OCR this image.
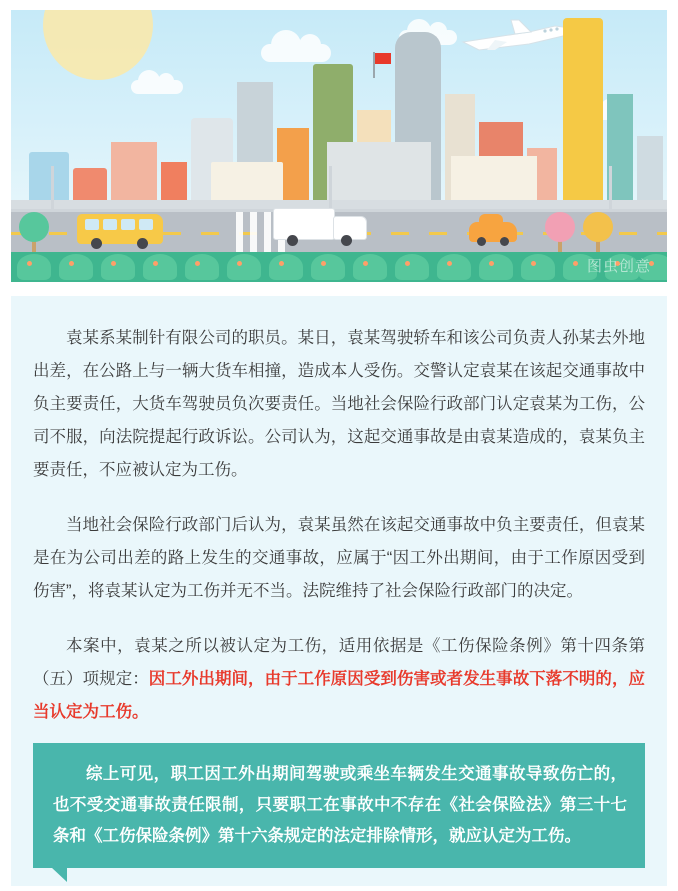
图虫创意

袁某系某制针有限公司的职员。某日，袁某驾驶轿车和该公司负责人孙某去外地出差，在公路上与一辆大货车相撞，造成本人受伤。交警认定袁某在该起交通事故中负主要责任，大货车驾驶员负次要责任。当地社会保险行政部门认定袁某为工伤，公司不服，向法院提起行政诉讼。公司认为，这起交通事故是由袁某造成的，袁某负主要责任，不应被认定为工伤。

当地社会保险行政部门后认为，袁某虽然在该起交通事故中负主要责任，但袁某是在为公司出差的路上发生的交通事故，应属于“因工外出期间，由于工作原因受到伤害”，将袁某认定为工伤并无不当。法院维持了社会保险行政部门的决定。

本案中，袁某之所以被认定为工伤，适用依据是《工伤保险条例》第十四条第（五）项规定：因工外出期间，由于工作原因受到伤害或者发生事故下落不明的，应当认定为工伤。

综上可见，职工因工外出期间驾驶或乘坐车辆发生交通事故导致伤亡的，也不受交通事故责任限制，只要职工在事故中不存在《社会保险法》第三十七条和《工伤保险条例》第十六条规定的法定排除情形，就应认定为工伤。
